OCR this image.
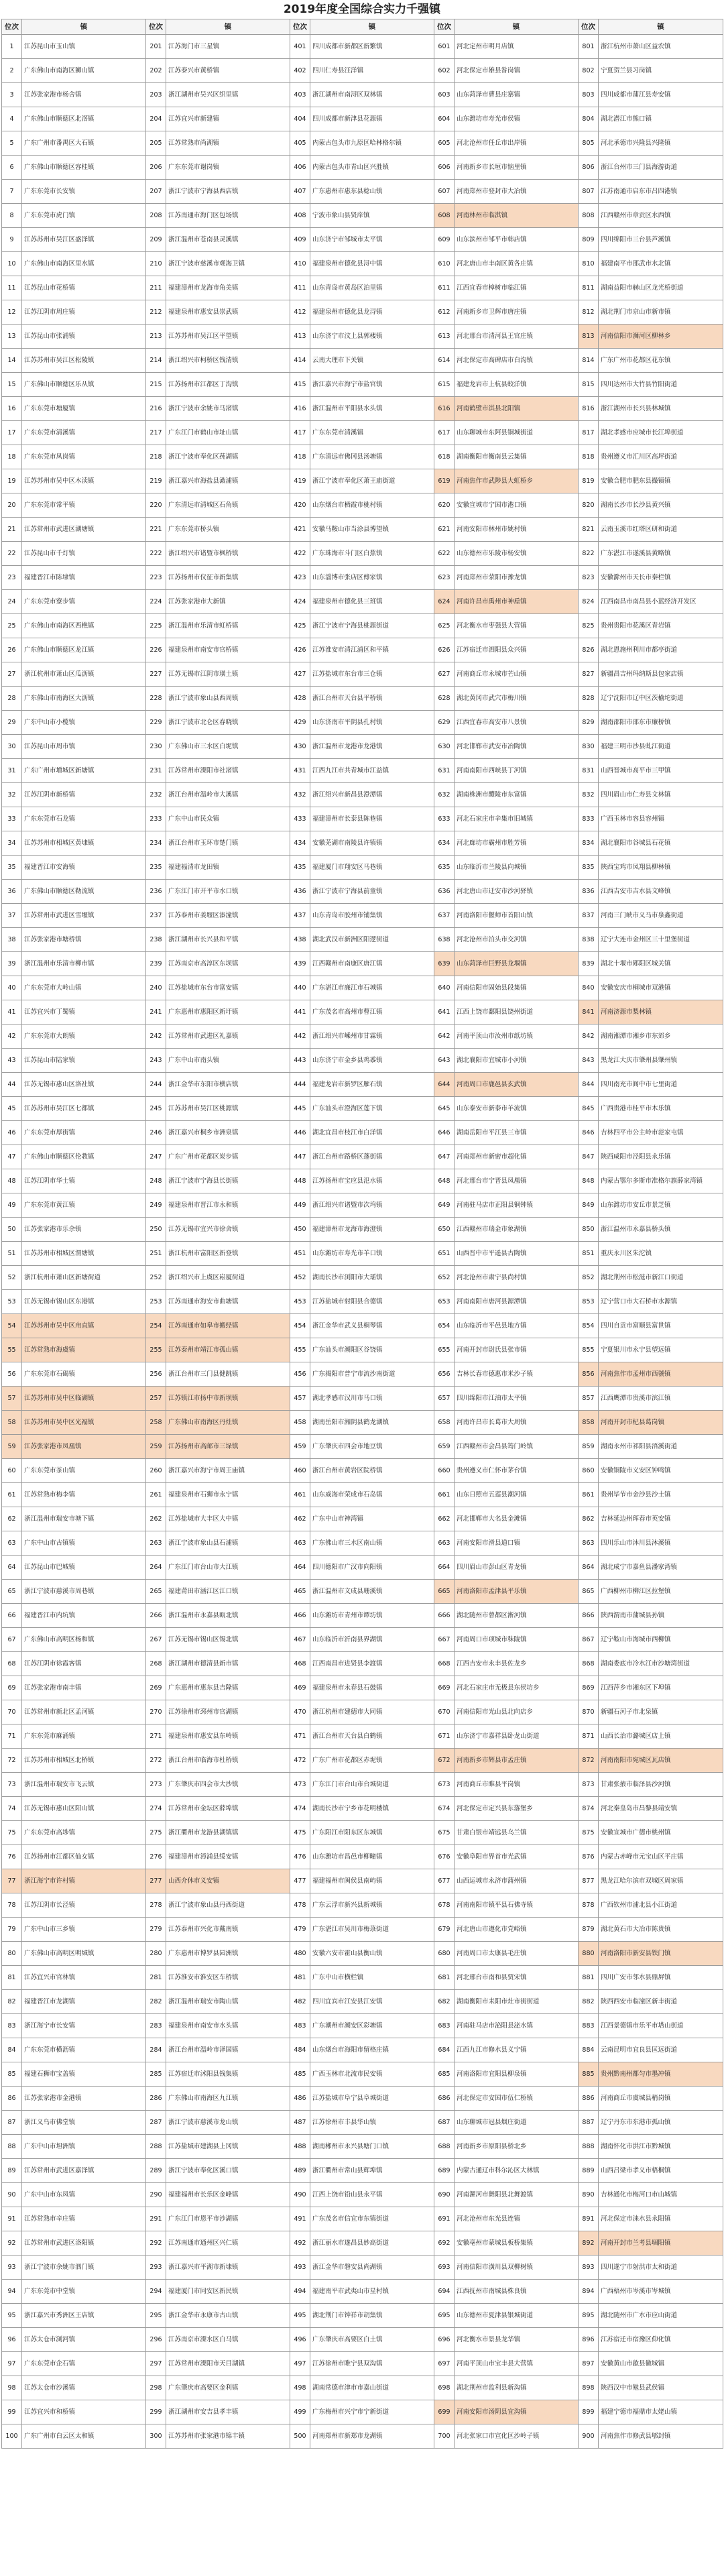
2019年度全国综合实力千强镇
位次	镇	位次	镇	位次	镇	位次	镇	位次	镇
1	江苏昆山市玉山镇	201	江苏海门市三星镇	401	四川成都市新都区新繁镇	601	河北定州市明月店镇	801	浙江杭州市萧山区益农镇
2	广东佛山市南海区狮山镇	202	江苏泰兴市黄桥镇	402	四川仁寿县汪洋镇	602	河北保定市雄县昝岗镇	802	宁夏贺兰县习岗镇
3	江苏张家港市杨舍镇	203	浙江湖州市吴兴区织里镇	403	浙江湖州市南浔区双林镇	603	山东菏泽市曹县庄寨镇	803	四川成都市蒲江县寿安镇
4	广东佛山市顺德区北滘镇	204	江苏宜兴市新建镇	404	四川成都市新津县花源镇	604	山东潍坊市寿光市侯镇	804	湖北潜江市熊口镇
5	广东广州市番禺区大石镇	205	江苏常熟市尚湖镇	405	内蒙古包头市九原区哈林格尔镇	605	河北沧州市任丘市出岸镇	805	河北承德市兴隆县兴隆镇
6	广东佛山市顺德区容桂镇	206	广东东莞市谢岗镇	406	内蒙古包头市青山区兴胜镇	606	河南新乡市长垣市恼里镇	806	浙江台州市三门县海游街道
7	广东东莞市长安镇	207	浙江宁波市宁海县西店镇	407	广东惠州市惠东县稔山镇	607	河南郑州市登封市大冶镇	807	江苏南通市启东市吕四港镇
8	广东东莞市虎门镇	208	江苏南通市海门区包场镇	408	宁波市象山县贤庠镇	608	河南林州市临淇镇	808	江西赣州市章贡区水西镇
9	江苏苏州市吴江区盛泽镇	209	浙江温州市苍南县灵溪镇	409	山东济宁市邹城市太平镇	609	山东滨州市邹平市韩店镇	809	四川绵阳市三台县芦溪镇
10	广东佛山市南海区里水镇	210	浙江宁波市慈溪市观海卫镇	410	福建泉州市德化县浔中镇	610	河北唐山市丰南区黄各庄镇	810	福建南平市邵武市水北镇
11	江苏昆山市花桥镇	211	福建漳州市龙海市角美镇	411	山东青岛市黄岛区泊里镇	611	江西宜春市樟树市临江镇	811	湖南益阳市赫山区龙光桥街道
12	江苏江阴市周庄镇	212	福建泉州市惠安县崇武镇	412	福建泉州市德化县龙浔镇	612	河南新乡市卫辉市唐庄镇	812	湖北荆门市京山市新市镇
13	江苏昆山市张浦镇	213	江苏苏州市吴江区平望镇	413	山东济宁市汶上县郭楼镇	613	河北邢台市清河县王官庄镇	813	河南信阳市浉河区柳林乡
14	江苏苏州市吴江区松陵镇	214	浙江绍兴市柯桥区钱清镇	414	云南大理市下关镇	614	河北保定市高碑店市白沟镇	814	广东广州市花都区花东镇
15	广东佛山市顺德区乐从镇	215	江苏扬州市江都区丁沟镇	415	浙江嘉兴市海宁市盐官镇	615	福建龙岩市上杭县蛟洋镇	815	四川达州市大竹县竹阳街道
16	广东东莞市塘厦镇	216	浙江宁波市余姚市马渚镇	416	浙江温州市平阳县水头镇	616	河南鹤壁市淇县北阳镇	816	浙江湖州市长兴县林城镇
17	广东东莞市清溪镇	217	广东江门市鹤山市址山镇	417	广东东莞市清溪镇	617	山东聊城市东阿县铜城街道	817	湖北孝感市应城市长江埠街道
18	广东东莞市凤岗镇	218	浙江宁波市奉化区莼湖镇	418	广东清远市佛冈县汤塘镇	618	湖南衡阳市衡南县云集镇	818	贵州遵义市汇川区高坪街道
19	江苏苏州市吴中区木渎镇	219	浙江嘉兴市海盐县澉浦镇	419	浙江宁波市奉化区萧王庙街道	619	河南焦作市武陟县大虹桥乡	819	安徽合肥市肥东县撮镇镇
20	广东东莞市常平镇	220	广东清远市清城区石角镇	420	山东烟台市栖霞市桃村镇	620	安徽宣城市宁国市港口镇	820	湖南长沙市长沙县黄兴镇
21	江苏常州市武进区湖塘镇	221	广东东莞市桥头镇	421	安徽马鞍山市当涂县博望镇	621	河南安阳市林州市姚村镇	821	云南玉溪市红塔区研和街道
22	江苏昆山市千灯镇	222	浙江绍兴市诸暨市枫桥镇	422	广东珠海市斗门区白蕉镇	622	山东德州市乐陵市杨安镇	822	广东湛江市遂溪县黄略镇
23	福建晋江市陈埭镇	223	江苏扬州市仪征市新集镇	423	山东淄博市张店区傅家镇	623	河南郑州市荥阳市豫龙镇	823	安徽滁州市天长市秦栏镇
24	广东东莞市寮步镇	224	江苏张家港市大新镇	424	福建泉州市德化县三班镇	624	河南许昌市禹州市神垕镇	824	江西南昌市南昌县小蓝经济开发区
25	广东佛山市南海区西樵镇	225	浙江温州市乐清市虹桥镇	425	浙江宁波市宁海县桃源街道	625	河北衡水市枣强县大营镇	825	贵州贵阳市花溪区青岩镇
26	广东佛山市顺德区龙江镇	226	福建泉州市南安市官桥镇	426	江苏淮安市清江浦区和平镇	626	江苏宿迁市泗阳县众兴镇	826	湖北恩施州利川市都亭街道
27	浙江杭州市萧山区瓜沥镇	227	江苏无锡市江阴市璜土镇	427	江苏盐城市东台市三仓镇	627	河南商丘市永城市芒山镇	827	新疆昌吉州玛纳斯县包家店镇
28	广东佛山市南海区大沥镇	228	浙江宁波市象山县西周镇	428	浙江台州市天台县平桥镇	628	湖北黄冈市武穴市梅川镇	828	辽宁沈阳市辽中区茨榆坨街道
29	广东中山市小榄镇	229	浙江宁波市北仑区春晓镇	429	山东济南市平阴县孔村镇	629	江西宜春市高安市八景镇	829	湖南邵阳市邵东市廉桥镇
30	江苏昆山市周市镇	230	广东佛山市三水区白坭镇	430	浙江温州市龙港市龙港镇	630	河北邯郸市武安市冶陶镇	830	福建三明市沙县虬江街道
31	广东广州市增城区新塘镇	231	江苏常州市溧阳市社渚镇	431	江西九江市共青城市江益镇	631	河南南阳市西峡县丁河镇	831	山西晋城市高平市三甲镇
32	江苏江阴市新桥镇	232	浙江台州市温岭市大溪镇	432	浙江绍兴市新昌县澄潭镇	632	湖南株洲市醴陵市东富镇	832	四川眉山市仁寿县文林镇
33	广东东莞市石龙镇	233	广东中山市民众镇	433	福建漳州市长泰县陈巷镇	633	河北石家庄市辛集市旧城镇	833	广西玉林市容县容州镇
34	江苏苏州市相城区黄埭镇	234	浙江台州市玉环市楚门镇	434	安徽芜湖市南陵县许镇镇	634	河北廊坊市霸州市胜芳镇	834	湖北襄阳市谷城县石花镇
35	福建晋江市安海镇	235	福建福清市龙田镇	435	福建厦门市翔安区马巷镇	635	山东临沂市兰陵县向城镇	835	陕西宝鸡市凤翔县柳林镇
36	广东佛山市顺德区勒流镇	236	广东江门市开平市水口镇	436	浙江宁波市宁海县前童镇	636	河北唐山市迁安市沙河驿镇	836	江西吉安市吉水县文峰镇
37	江苏常州市武进区雪堰镇	237	江苏泰州市姜堰区溱潼镇	437	山东青岛市胶州市铺集镇	637	河南洛阳市偃师市首阳山镇	837	河南三门峡市义马市泉鑫街道
38	江苏张家港市塘桥镇	238	浙江湖州市长兴县和平镇	438	湖北武汉市新洲区阳逻街道	638	河北沧州市泊头市交河镇	838	辽宁大连市金州区三十里堡街道
39	浙江温州市乐清市柳市镇	239	江苏南京市高淳区东坝镇	439	江西赣州市南康区唐江镇	639	山东菏泽市巨野县龙堌镇	839	湖北十堰市郧阳区城关镇
40	广东东莞市大岭山镇	240	江苏盐城市东台市富安镇	440	广东湛江市廉江市石城镇	640	河南信阳市固始县段集镇	840	安徽安庆市桐城市双港镇
41	江苏宜兴市丁蜀镇	241	广东惠州市惠阳区新圩镇	441	广东茂名市高州市曹江镇	641	江西上饶市鄱阳县饶州街道	841	河南济源市梨林镇
42	广东东莞市大朗镇	242	江苏常州市武进区礼嘉镇	442	浙江绍兴市嵊州市甘霖镇	642	河南平顶山市汝州市纸坊镇	842	湖南湘潭市湘乡市东郊乡
43	江苏昆山市陆家镇	243	广东中山市南头镇	443	山东济宁市金乡县鸡黍镇	643	湖北襄阳市宜城市小河镇	843	黑龙江大庆市肇州县肇州镇
44	江苏无锡市惠山区洛社镇	244	浙江金华市东阳市横店镇	444	福建龙岩市新罗区雁石镇	644	河南周口市鹿邑县玄武镇	844	四川南充市阆中市七里街道
45	江苏苏州市吴江区七都镇	245	江苏苏州市吴江区桃源镇	445	广东汕头市澄海区莲下镇	645	山东泰安市新泰市羊流镇	845	广西贵港市桂平市木乐镇
46	广东东莞市厚街镇	246	浙江嘉兴市桐乡市洲泉镇	446	湖北宜昌市枝江市白洋镇	646	湖南岳阳市平江县三市镇	846	吉林四平市公主岭市范家屯镇
47	广东佛山市顺德区伦教镇	247	广东广州市花都区炭步镇	447	浙江台州市路桥区蓬街镇	647	河南郑州市新密市超化镇	847	陕西咸阳市泾阳县永乐镇
48	江苏江阴市华士镇	248	浙江宁波市宁海县长街镇	448	江苏扬州市宝应县氾水镇	648	河北邢台市宁晋县凤凰镇	848	内蒙古鄂尔多斯市准格尔旗薛家湾镇
49	广东东莞市黄江镇	249	福建泉州市晋江市永和镇	449	浙江绍兴市诸暨市次坞镇	649	河南驻马店市正阳县铜钟镇	849	山东潍坊市安丘市景芝镇
50	江苏张家港市乐余镇	250	江苏无锡市宜兴市徐舍镇	450	福建漳州市龙海市海澄镇	650	江西赣州市瑞金市象湖镇	850	浙江温州市永嘉县桥头镇
51	江苏苏州市相城区渭塘镇	251	浙江杭州市富阳区新登镇	451	山东潍坊市寿光市羊口镇	651	山西晋中市平遥县古陶镇	851	重庆永川区朱沱镇
52	浙江杭州市萧山区新塘街道	252	浙江绍兴市上虞区崧厦街道	452	湖南长沙市浏阳市大瑶镇	652	河北沧州市肃宁县尚村镇	852	湖北荆州市松滋市新江口街道
53	江苏无锡市锡山区东港镇	253	江苏南通市海安市曲塘镇	453	江苏盐城市射阳县合德镇	653	河南南阳市唐河县源潭镇	853	辽宁营口市大石桥市水源镇
54	江苏苏州市吴中区甪直镇	254	江苏南通市如皋市搬经镇	454	浙江金华市武义县桐琴镇	654	山东临沂市平邑县地方镇	854	四川自贡市富顺县富世镇
55	江苏常熟市海虞镇	255	江苏泰州市靖江市孤山镇	455	广东汕头市潮阳区谷饶镇	655	河南开封市尉氏县张市镇	855	宁夏银川市永宁县望远镇
56	广东东莞市石碣镇	256	浙江台州市三门县健跳镇	456	广东揭阳市普宁市流沙南街道	656	吉林长春市德惠市米沙子镇	856	河南焦作市孟州市西虢镇
57	江苏苏州市吴中区临湖镇	257	江苏镇江市扬中市新坝镇	457	湖北孝感市汉川市马口镇	657	四川绵阳市江油市太平镇	857	江西鹰潭市贵溪市滨江镇
58	江苏苏州市吴中区光福镇	258	广东佛山市南海区丹灶镇	458	湖南岳阳市湘阴县鹤龙湖镇	658	河南许昌市长葛市大周镇	858	河南开封市杞县葛岗镇
59	江苏张家港市凤凰镇	259	江苏扬州市高邮市三垛镇	459	广东肇庆市四会市地豆镇	659	江西赣州市会昌县筠门岭镇	859	湖南永州市祁阳县浯溪街道
60	广东东莞市茶山镇	260	浙江嘉兴市海宁市周王庙镇	460	浙江台州市黄岩区院桥镇	660	贵州遵义市仁怀市茅台镇	860	安徽铜陵市义安区钟鸣镇
61	江苏常熟市梅李镇	261	福建泉州市石狮市永宁镇	461	山东威海市荣成市石岛镇	661	山东日照市五莲县潮河镇	861	贵州毕节市金沙县沙土镇
62	浙江温州市瑞安市塘下镇	262	江苏盐城市大丰区大中镇	462	广东中山市神湾镇	662	河北邯郸市大名县金滩镇	862	吉林延边州珲春市英安镇
63	广东中山市古镇镇	263	浙江宁波市象山县石浦镇	463	广东佛山市三水区南山镇	663	河南安阳市滑县道口镇	863	四川乐山市沐川县沐溪镇
64	江苏昆山市巴城镇	264	广东江门市台山市大江镇	464	四川德阳市广汉市向阳镇	664	四川眉山市彭山区青龙镇	864	湖北咸宁市嘉鱼县潘家湾镇
65	浙江宁波市慈溪市周巷镇	265	福建莆田市涵江区江口镇	465	浙江温州市文成县珊溪镇	665	河南洛阳市孟津县平乐镇	865	广西柳州市柳江区拉堡镇
66	福建晋江市内坑镇	266	浙江温州市永嘉县瓯北镇	466	山东潍坊市青州市谭坊镇	666	湖北随州市曾都区淅河镇	866	陕西渭南市蒲城县孙镇
67	广东佛山市高明区杨和镇	267	江苏无锡市锡山区锡北镇	467	山东临沂市沂南县界湖镇	667	河南周口市项城市秣陵镇	867	辽宁鞍山市海城市西柳镇
68	江苏江阴市徐霞客镇	268	浙江湖州市德清县新市镇	468	江西南昌市进贤县李渡镇	668	江西吉安市永丰县佐龙乡	868	湖南娄底市冷水江市沙塘湾街道
69	江苏张家港市南丰镇	269	广东惠州市惠东县吉隆镇	469	福建泉州市永春县石鼓镇	669	河北石家庄市无极县东侯坊乡	869	江西萍乡市湘东区下埠镇
70	江苏常州市新北区孟河镇	270	江苏徐州市邳州市官湖镇	470	浙江杭州市建德市大同镇	670	河南信阳市光山县北向店乡	870	新疆石河子市北泉镇
71	广东东莞市麻涌镇	271	福建泉州市惠安县东岭镇	471	浙江台州市天台县白鹤镇	671	山东济宁市嘉祥县卧龙山街道	871	山西长治市潞城区店上镇
72	江苏苏州市相城区北桥镇	272	浙江台州市临海市杜桥镇	472	广东广州市花都区赤坭镇	672	河南新乡市辉县市孟庄镇	872	河南南阳市宛城区瓦店镇
73	浙江温州市瑞安市飞云镇	273	广东肇庆市四会市大沙镇	473	广东江门市台山市台城街道	673	河南商丘市睢县平岗镇	873	甘肃张掖市临泽县沙河镇
74	江苏无锡市惠山区阳山镇	274	江苏常州市金坛区薛埠镇	474	湖南长沙市宁乡市花明楼镇	674	河北保定市定兴县东落堡乡	874	河北秦皇岛市昌黎县靖安镇
75	广东东莞市高埗镇	275	浙江衢州市龙游县湖镇镇	475	广东阳江市阳东区东城镇	675	甘肃白银市靖远县乌兰镇	875	安徽宣城市广德市桃州镇
76	江苏扬州市江都区仙女镇	276	福建漳州市漳浦县绥安镇	476	山东潍坊市昌邑市柳疃镇	676	安徽阜阳市界首市光武镇	876	内蒙古赤峰市元宝山区平庄镇
77	浙江海宁市许村镇	277	山西介休市义安镇	477	福建福州市闽侯县南屿镇	677	山西运城市永济市蒲州镇	877	黑龙江哈尔滨市双城区周家镇
78	江苏江阴市长泾镇	278	浙江宁波市象山县丹西街道	478	广东云浮市新兴县新城镇	678	河南南阳市镇平县石佛寺镇	878	广西钦州市浦北县小江街道
79	广东中山市三乡镇	279	江苏泰州市兴化市戴南镇	479	广东湛江市吴川市梅菉街道	679	河北唐山市遵化市党峪镇	879	湖北黄石市大冶市陈贵镇
80	广东佛山市高明区明城镇	280	广东惠州市博罗县园洲镇	480	安徽六安市霍山县衡山镇	680	河南周口市太康县毛庄镇	880	河南洛阳市新安县铁门镇
81	江苏宜兴市官林镇	281	江苏淮安市淮安区车桥镇	481	广东中山市横栏镇	681	河北邢台市南和县贾宋镇	881	四川广安市邻水县鼎屏镇
82	福建晋江市龙湖镇	282	浙江温州市瑞安市陶山镇	482	四川宜宾市江安县江安镇	682	湖南衡阳市耒阳市灶市街街道	882	陕西西安市临潼区新丰街道
83	浙江海宁市长安镇	283	福建泉州市南安市水头镇	483	广东潮州市潮安区彩塘镇	683	河南驻马店市泌阳县泌水镇	883	江西景德镇市乐平市塔山街道
84	广东东莞市横沥镇	284	浙江台州市温岭市泽国镇	484	山东烟台市海阳市留格庄镇	684	江西九江市修水县义宁镇	884	云南昆明市宜良县匡远街道
85	福建石狮市宝盖镇	285	江苏宿迁市沭阳县钱集镇	485	广西玉林市北流市民安镇	685	河南洛阳市宜阳县柳泉镇	885	贵州黔南州都匀市墨冲镇
86	江苏张家港市金港镇	286	广东佛山市南海区九江镇	486	江苏盐城市阜宁县阜城街道	686	河北保定市安国市伍仁桥镇	886	河南商丘市虞城县稍岗镇
87	浙江义乌市佛堂镇	287	浙江宁波市慈溪市龙山镇	487	江苏徐州市丰县华山镇	687	山东聊城市冠县烟庄街道	887	辽宁丹东市东港市孤山镇
88	广东中山市坦洲镇	288	江苏盐城市建湖县上冈镇	488	湖南郴州市永兴县塘门口镇	688	河南新乡市原阳县桥北乡	888	湖南怀化市洪江市黔城镇
89	江苏常州市武进区嘉泽镇	289	浙江宁波市奉化区溪口镇	489	浙江衢州市常山县辉埠镇	689	内蒙古通辽市科尔沁区大林镇	889	山西吕梁市孝义市梧桐镇
90	广东中山市东凤镇	290	福建福州市长乐区金峰镇	490	江西上饶市铅山县永平镇	690	河南漯河市舞阳县北舞渡镇	890	吉林通化市梅河口市山城镇
91	江苏常熟市辛庄镇	291	广东江门市恩平市沙湖镇	491	广东茂名市信宜市东镇街道	691	河北沧州市东光县连镇	891	河北保定市涞水县永阳镇
92	江苏常州市武进区洛阳镇	292	江苏南通市通州区兴仁镇	492	浙江丽水市遂昌县妙高街道	692	安徽亳州市蒙城县板桥集镇	892	河南开封市兰考县堌阳镇
93	浙江宁波市余姚市泗门镇	293	浙江嘉兴市平湖市新埭镇	493	浙江金华市磐安县尚湖镇	693	河南信阳市潢川县双柳树镇	893	四川遂宁市射洪市太和街道
94	广东东莞市中堂镇	294	福建厦门市同安区新民镇	494	福建南平市武夷山市星村镇	694	江西抚州市南城县株良镇	894	广西梧州市岑溪市岑城镇
95	浙江嘉兴市秀洲区王店镇	295	浙江金华市永康市古山镇	495	湖北荆门市钟祥市胡集镇	695	山东德州市夏津县银城街道	895	湖北随州市广水市应山街道
96	江苏太仓市浏河镇	296	江苏南京市溧水区白马镇	496	广东肇庆市高要区白土镇	696	河北衡水市景县龙华镇	896	江苏宿迁市宿豫区仰化镇
97	广东东莞市企石镇	297	江苏常州市溧阳市天目湖镇	497	江苏徐州市睢宁县双沟镇	697	河南平顶山市宝丰县大营镇	897	安徽黄山市歙县徽城镇
98	江苏太仓市沙溪镇	298	广东肇庆市高要区金利镇	498	湖南常德市津市市嘉山街道	698	湖北荆州市监利县新沟镇	898	陕西汉中市勉县武侯镇
99	江苏宜兴市和桥镇	299	浙江湖州市安吉县孝丰镇	499	广东梅州市兴宁市宁新街道	699	河南安阳市汤阴县宜沟镇	899	福建宁德市福鼎市太姥山镇
100	广东广州市白云区太和镇	300	江苏苏州市张家港市锦丰镇	500	河南郑州市新郑市龙湖镇	700	河北张家口市宣化区沙岭子镇	900	河南焦作市修武县郇封镇
